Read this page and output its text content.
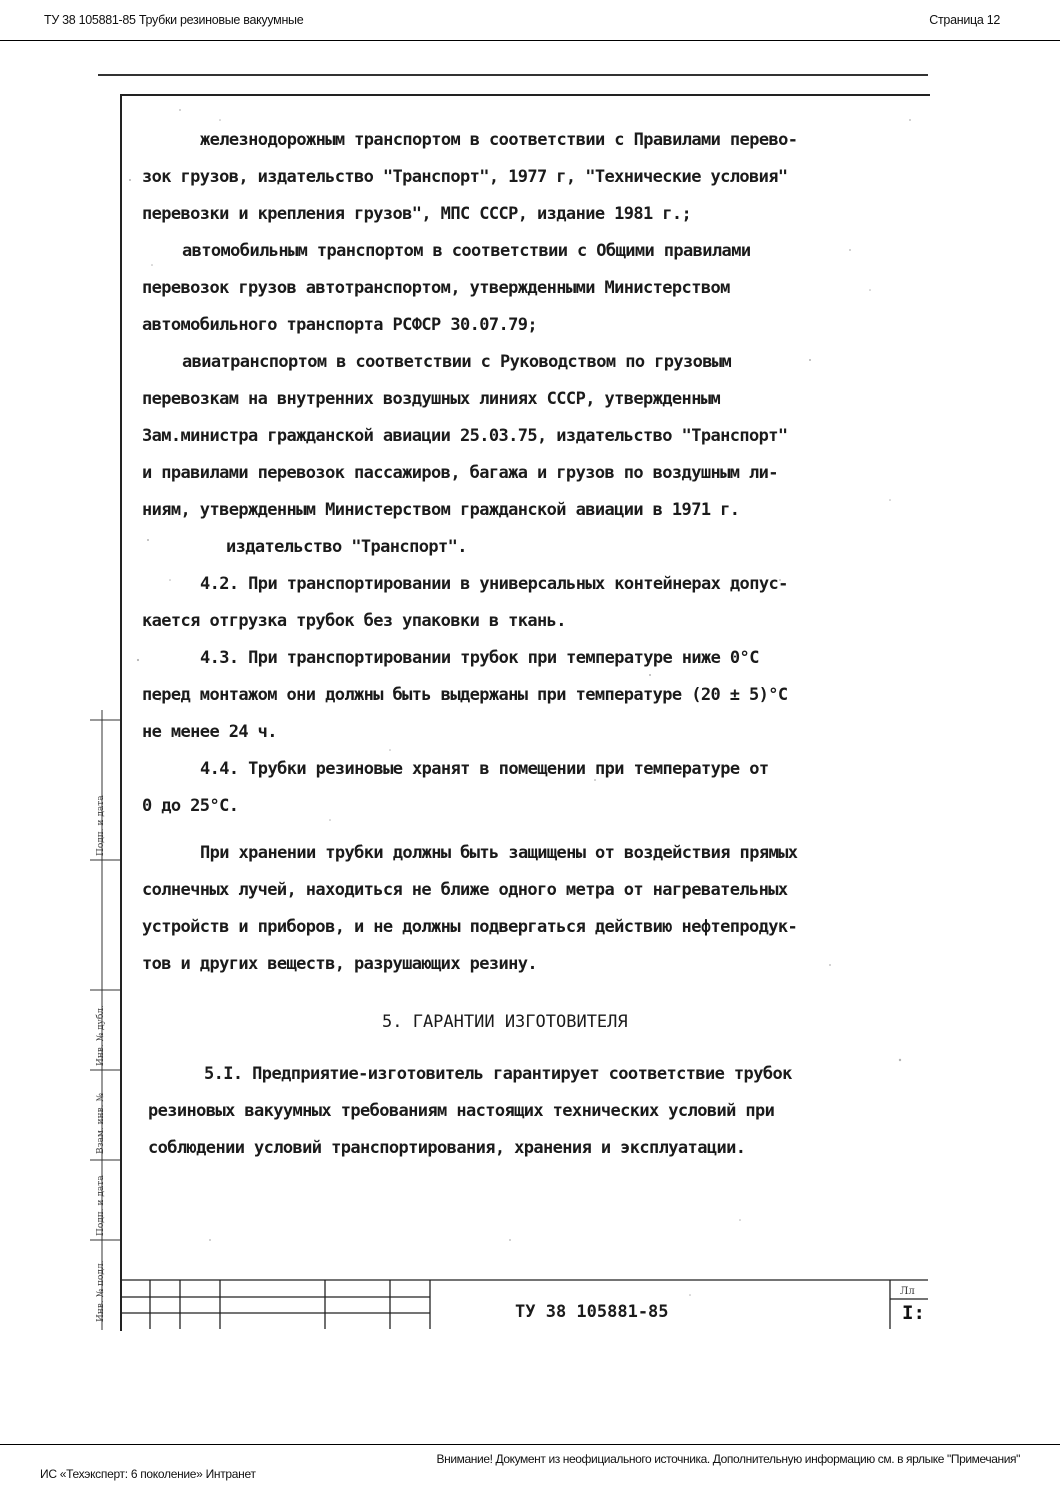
ТУ 38 105881-85 Трубки резиновые вакуумные	Страница 12
Инв. № подл.
Подп. и дата
Взам. инв. №
Инв. № дубл.
Подп. и дата
железнодорожным транспортом в соответствии с Правилами перево-
зок грузов, издательство "Транспорт", 1977 г, "Технические условия"
перевозки и крепления грузов", МПС СССР, издание 1981 г.;
автомобильным транспортом в соответствии с Общими правилами
перевозок грузов автотранспортом, утвержденными Министерством
автомобильного транспорта РСФСР 30.07.79;
авиатранспортом в соответствии с Руководством по грузовым
перевозкам на внутренних воздушных линиях СССР, утвержденным
Зам.министра гражданской авиации 25.03.75, издательство "Транспорт"
и правилами перевозок пассажиров, багажа и грузов по воздушным ли-
ниям, утвержденным Министерством гражданской авиации в 1971 г.
издательство "Транспорт".
4.2. При транспортировании в универсальных контейнерах допус-
кается отгрузка трубок без упаковки в ткань.
4.3. При транспортировании трубок при температуре ниже 0°С
перед монтажом они должны быть выдержаны при температуре (20 ± 5)°С
не менее 24 ч.
4.4. Трубки резиновые хранят в помещении при температуре от
0 до 25°С.
При хранении трубки должны быть защищены от воздействия прямых
солнечных лучей, находиться не ближе одного метра от нагревательных
устройств и приборов, и не должны подвергаться действию нефтепродук-
тов и других веществ, разрушающих резину.
5. ГАРАНТИИ ИЗГОТОВИТЕЛЯ
5.I. Предприятие-изготовитель гарантирует соответствие трубок
резиновых вакуумных требованиям настоящих технических условий при
соблюдении условий транспортирования, хранения и эксплуатации.
ТУ 38 105881-85
Лл
I:
Внимание! Документ из неофициального источника. Дополнительную информацию см. в ярлыке "Примечания"
ИС «Техэксперт: 6 поколение» Интранет
